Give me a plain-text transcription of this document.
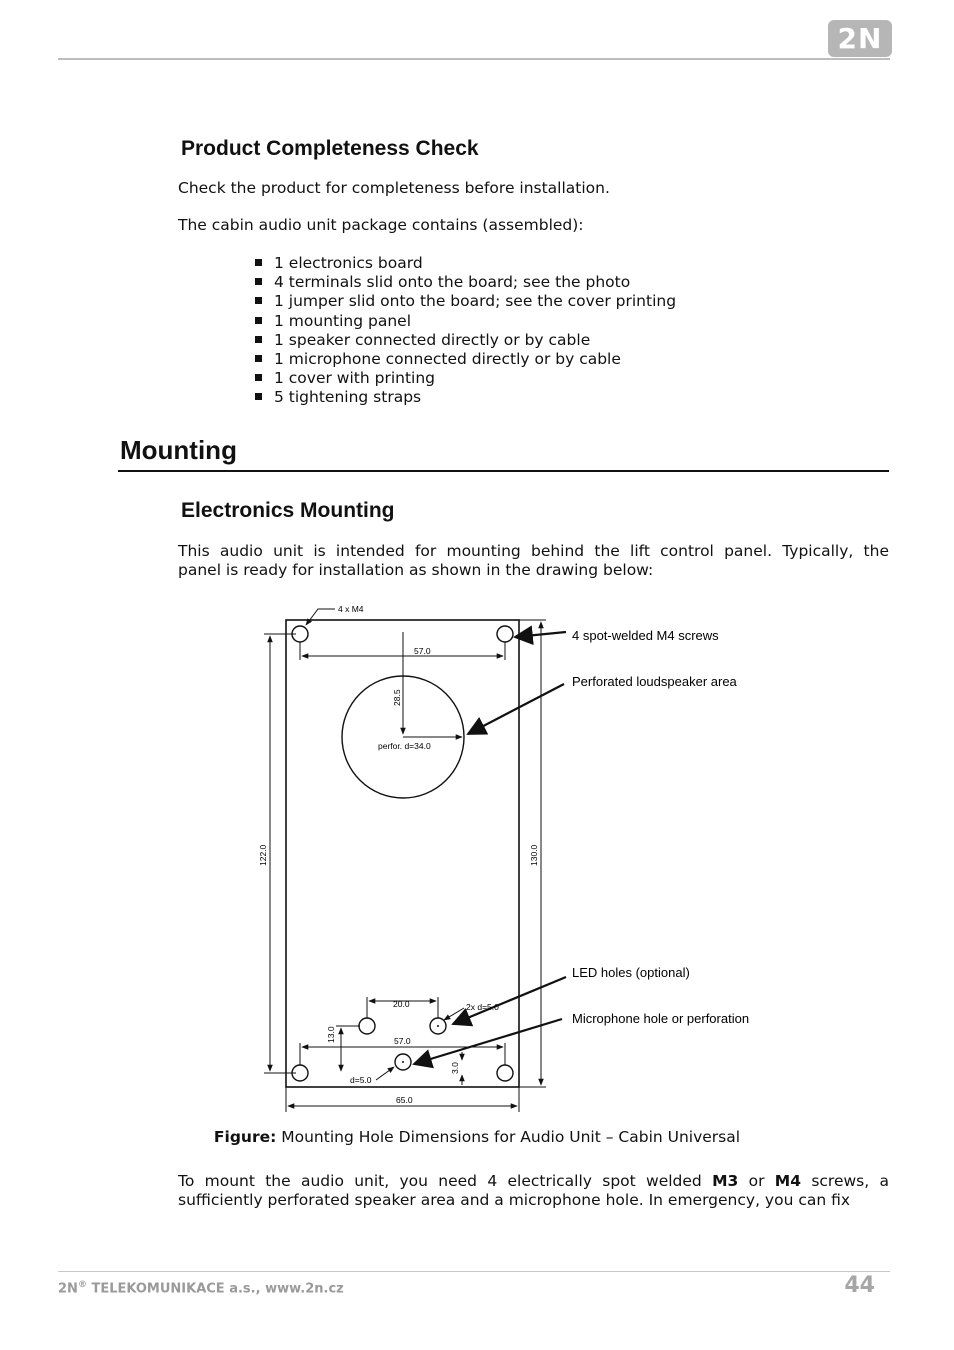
2N
Product Completeness Check
Check the product for completeness before installation.
The cabin audio unit package contains (assembled):
1 electronics board
4 terminals slid onto the board; see the photo
1 jumper slid onto the board; see the cover printing
1 mounting panel
1 speaker connected directly or by cable
1 microphone connected directly or by cable
1 cover with printing
5 tightening straps
Mounting
Electronics Mounting
This audio unit is intended for mounting behind the lift control panel. Typically, the
panel is ready for installation as shown in the drawing below:
4 x M4
57.0
28.5
perfor. d=34.0
122.0	130.0
20.0	2x d=5.0
13.0	57.0
d=5.0
3.0
65.0
4 spot-welded M4 screws
Perforated loudspeaker area
LED holes (optional)
Microphone hole or perforation
Figure: Mounting Hole Dimensions for Audio Unit – Cabin Universal
To mount the audio unit, you need 4 electrically spot welded M3 or M4 screws, a
sufficiently perforated speaker area and a microphone hole. In emergency, you can fix
2N® TELEKOMUNIKACE a.s., www.2n.cz	44
